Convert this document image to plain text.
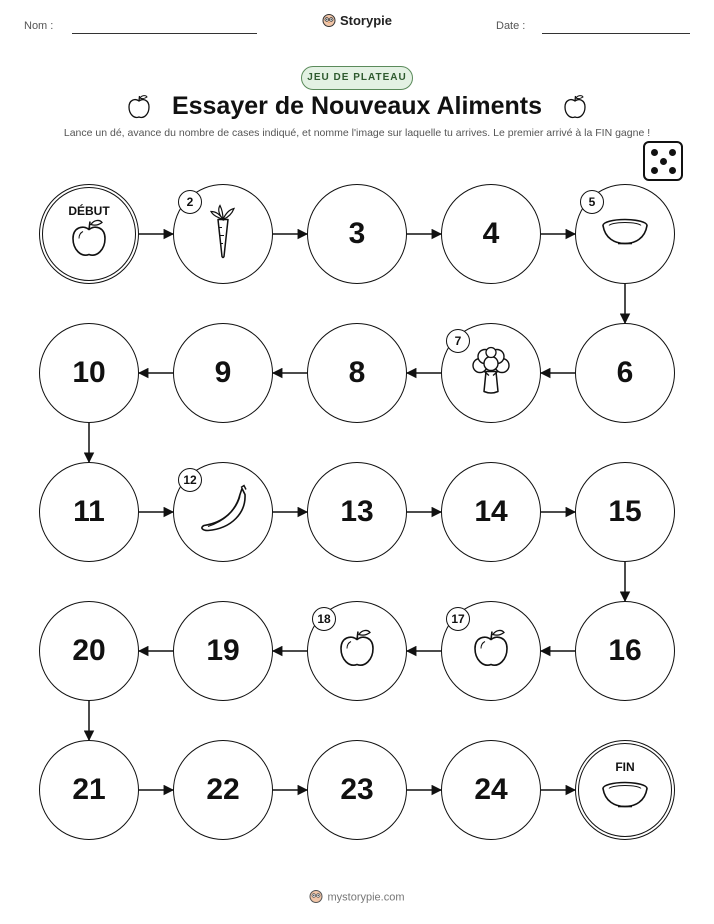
Nom :	Storypie	Date :
JEU DE PLATEAU
Essayer de Nouveaux Aliments
Lance un dé, avance du nombre de cases indiqué, et nomme l'image sur laquelle tu arrives. Le premier arrivé à la FIN gagne !
DÉBUT
2
3	4
5
6
7
8
9
10
11
12
13	14	15
16
17
18
19
20
21	22	23	24
FIN
mystorypie.com
